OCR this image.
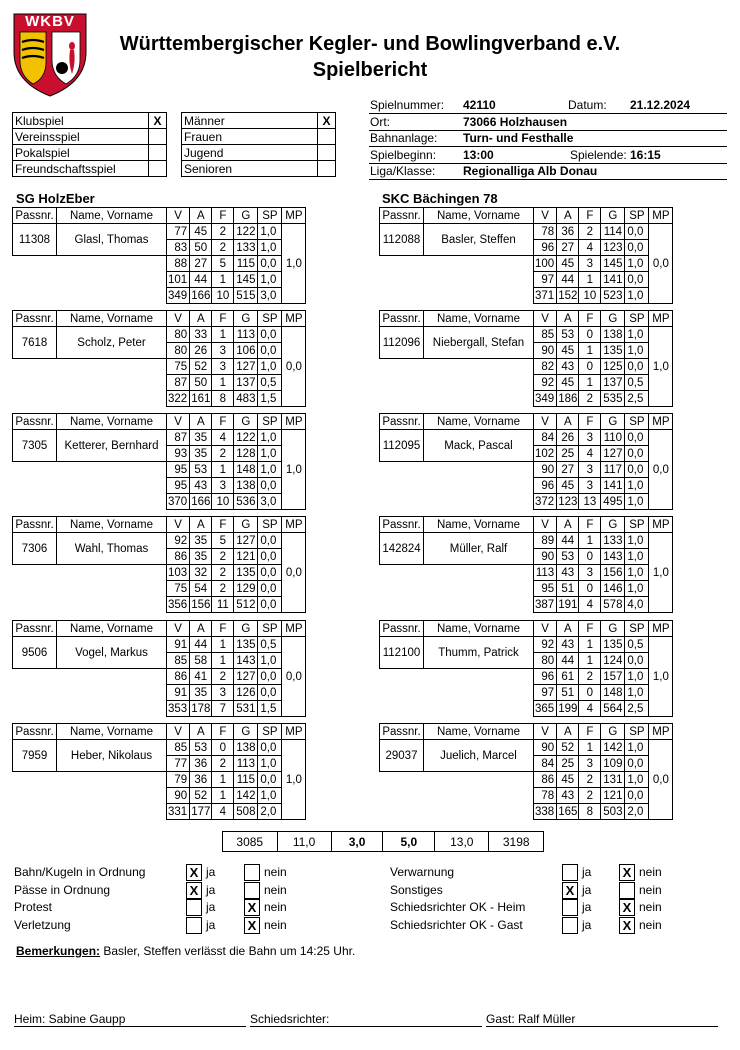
WKBV
Württembergischer Kegler- und Bowlingverband e.V.
Spielbericht
Klubspiel	X
Vereinsspiel	
Pokalspiel	
Freundschaftsspiel	
Männer	X
Frauen	
Jugend	
Senioren	
Spielnummer: 42110	Datum: 21.12.2024
Ort:	73066 Holzhausen
Bahnanlage: Turn- und Festhalle
Spielbeginn: 13:00	Spielende: 16:15
Liga/Klasse: Regionalliga Alb Donau
SG HolzEber	SKC Bächingen 78
Passnr.	Name, Vorname	V	A	F	G	SP	MP
11308	Glasl, Thomas	77	45	2	122	1,0	1,0
		83	50	2	133	1,0	
		88	27	5	115	0,0	
		101	44	1	145	1,0	
		349	166	10	515	3,0	
Passnr.	Name, Vorname	V	A	F	G	SP	MP
7618	Scholz, Peter	80	33	1	113	0,0	0,0
		80	26	3	106	0,0	
		75	52	3	127	1,0	
		87	50	1	137	0,5	
		322	161	8	483	1,5	
Passnr.	Name, Vorname	V	A	F	G	SP	MP
7305	Ketterer, Bernhard	87	35	4	122	1,0	1,0
		93	35	2	128	1,0	
		95	53	1	148	1,0	
		95	43	3	138	0,0	
		370	166	10	536	3,0	
Passnr.	Name, Vorname	V	A	F	G	SP	MP
7306	Wahl, Thomas	92	35	5	127	0,0	0,0
		86	35	2	121	0,0	
		103	32	2	135	0,0	
		75	54	2	129	0,0	
		356	156	11	512	0,0	
Passnr.	Name, Vorname	V	A	F	G	SP	MP
9506	Vogel, Markus	91	44	1	135	0,5	0,0
		85	58	1	143	1,0	
		86	41	2	127	0,0	
		91	35	3	126	0,0	
		353	178	7	531	1,5	
Passnr.	Name, Vorname	V	A	F	G	SP	MP
7959	Heber, Nikolaus	85	53	0	138	0,0	1,0
		77	36	2	113	1,0	
		79	36	1	115	0,0	
		90	52	1	142	1,0	
		331	177	4	508	2,0	
Passnr.	Name, Vorname	V	A	F	G	SP	MP
112088	Basler, Steffen	78	36	2	114	0,0	0,0
		96	27	4	123	0,0	
		100	45	3	145	1,0	
		97	44	1	141	0,0	
		371	152	10	523	1,0	
Passnr.	Name, Vorname	V	A	F	G	SP	MP
112096	Niebergall, Stefan	85	53	0	138	1,0	1,0
		90	45	1	135	1,0	
		82	43	0	125	0,0	
		92	45	1	137	0,5	
		349	186	2	535	2,5	
Passnr.	Name, Vorname	V	A	F	G	SP	MP
112095	Mack, Pascal	84	26	3	110	0,0	0,0
		102	25	4	127	0,0	
		90	27	3	117	0,0	
		96	45	3	141	1,0	
		372	123	13	495	1,0	
Passnr.	Name, Vorname	V	A	F	G	SP	MP
142824	Müller, Ralf	89	44	1	133	1,0	1,0
		90	53	0	143	1,0	
		113	43	3	156	1,0	
		95	51	0	146	1,0	
		387	191	4	578	4,0	
Passnr.	Name, Vorname	V	A	F	G	SP	MP
112100	Thumm, Patrick	92	43	1	135	0,5	1,0
		80	44	1	124	0,0	
		96	61	2	157	1,0	
		97	51	0	148	1,0	
		365	199	4	564	2,5	
Passnr.	Name, Vorname	V	A	F	G	SP	MP
29037	Juelich, Marcel	90	52	1	142	1,0	0,0
		84	25	3	109	0,0	
		86	45	2	131	1,0	
		78	43	2	121	0,0	
		338	165	8	503	2,0	
3085	11,0	3,0	5,0	13,0	3198
Bahn/Kugeln in Ordnung	X ja	nein
Pässe in Ordnung	X ja	nein
Protest	ja X nein
Verletzung	ja X nein
Verwarnung	ja X nein
Sonstiges	X ja	nein
Schiedsrichter OK - Heim	ja X nein
Schiedsrichter OK - Gast	ja X nein
Bemerkungen: Basler, Steffen verlässt die Bahn um 14:25 Uhr.
Heim: Sabine Gaupp	Schiedsrichter:	Gast: Ralf Müller
